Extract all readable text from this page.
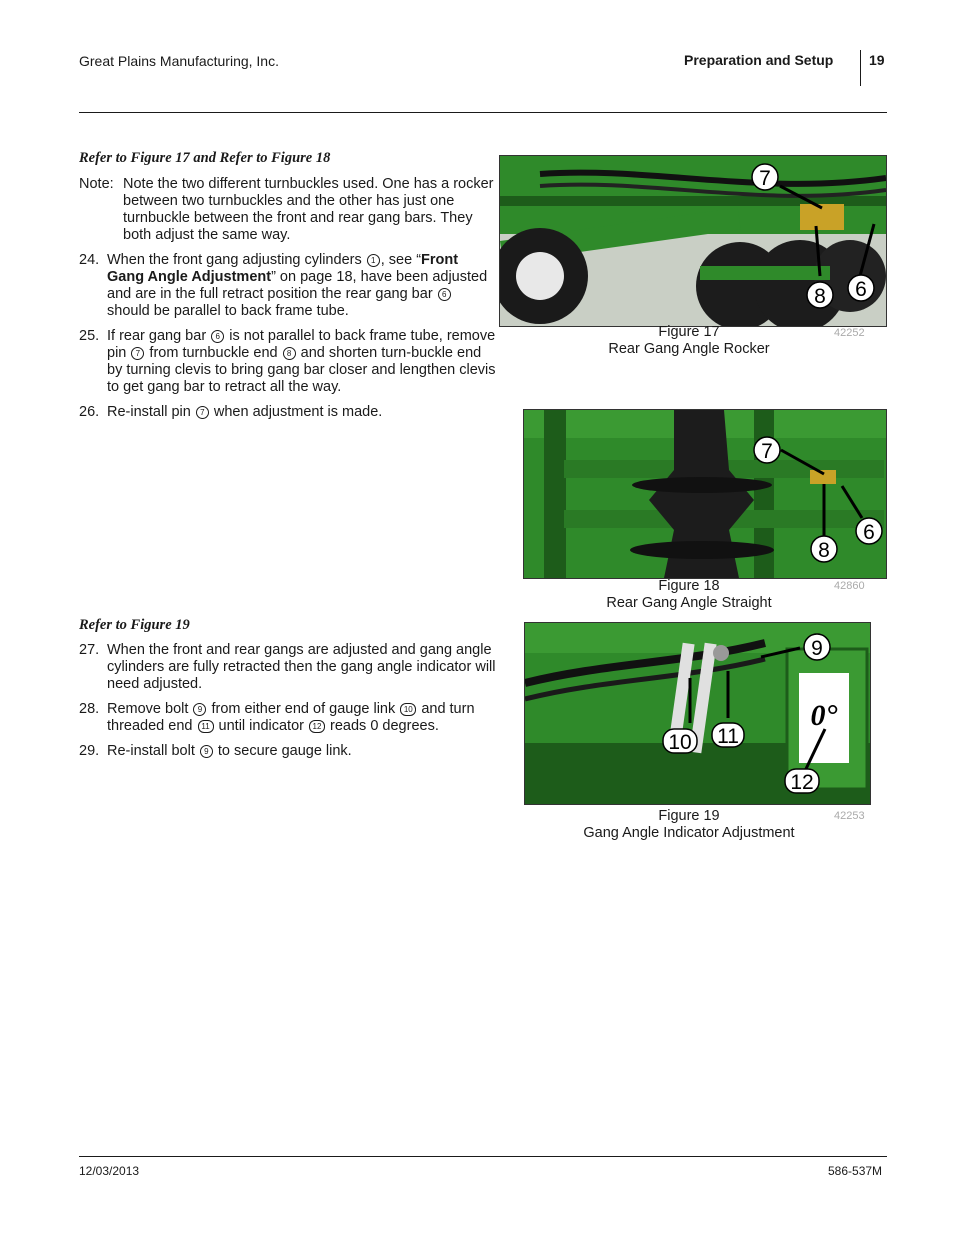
Great Plains Manufacturing, Inc.	Preparation and Setup	19
Refer to Figure 17 and Refer to Figure 18
Note: Note the two different turnbuckles used. One has a rocker between two turnbuckles and the other has just one turnbuckle between the front and rear gang bars. They both adjust the same way.
24. When the front gang adjusting cylinders 1 , see “Front Gang Angle Adjustment” on page 18, have been adjusted and are in the full retract position the rear gang bar 6 should be parallel to back frame tube.
25. If rear gang bar 6 is not parallel to back frame tube, remove pin 7 from turnbuckle end 8 and shorten turn-buckle end by turning clevis to bring gang bar closer and lengthen clevis to get gang bar to retract all the way.
26. Re-install pin 7 when adjustment is made.
Refer to Figure 19
27. When the front and rear gangs are adjusted and gang angle cylinders are fully retracted then the gang angle indicator will need adjusted.
28. Remove bolt 9 from either end of gauge link 10 and turn threaded end 11 until indicator 12 reads 0 degrees.
29. Re-install bolt 9 to secure gauge link.
7
8 6
Figure 17
Rear Gang Angle Rocker
42252
7
6
8
Figure 18
Rear Gang Angle Straight
42860
0°
9
11
10
12
Figure 19
Gang Angle Indicator Adjustment
42253
12/03/2013	586-537M
